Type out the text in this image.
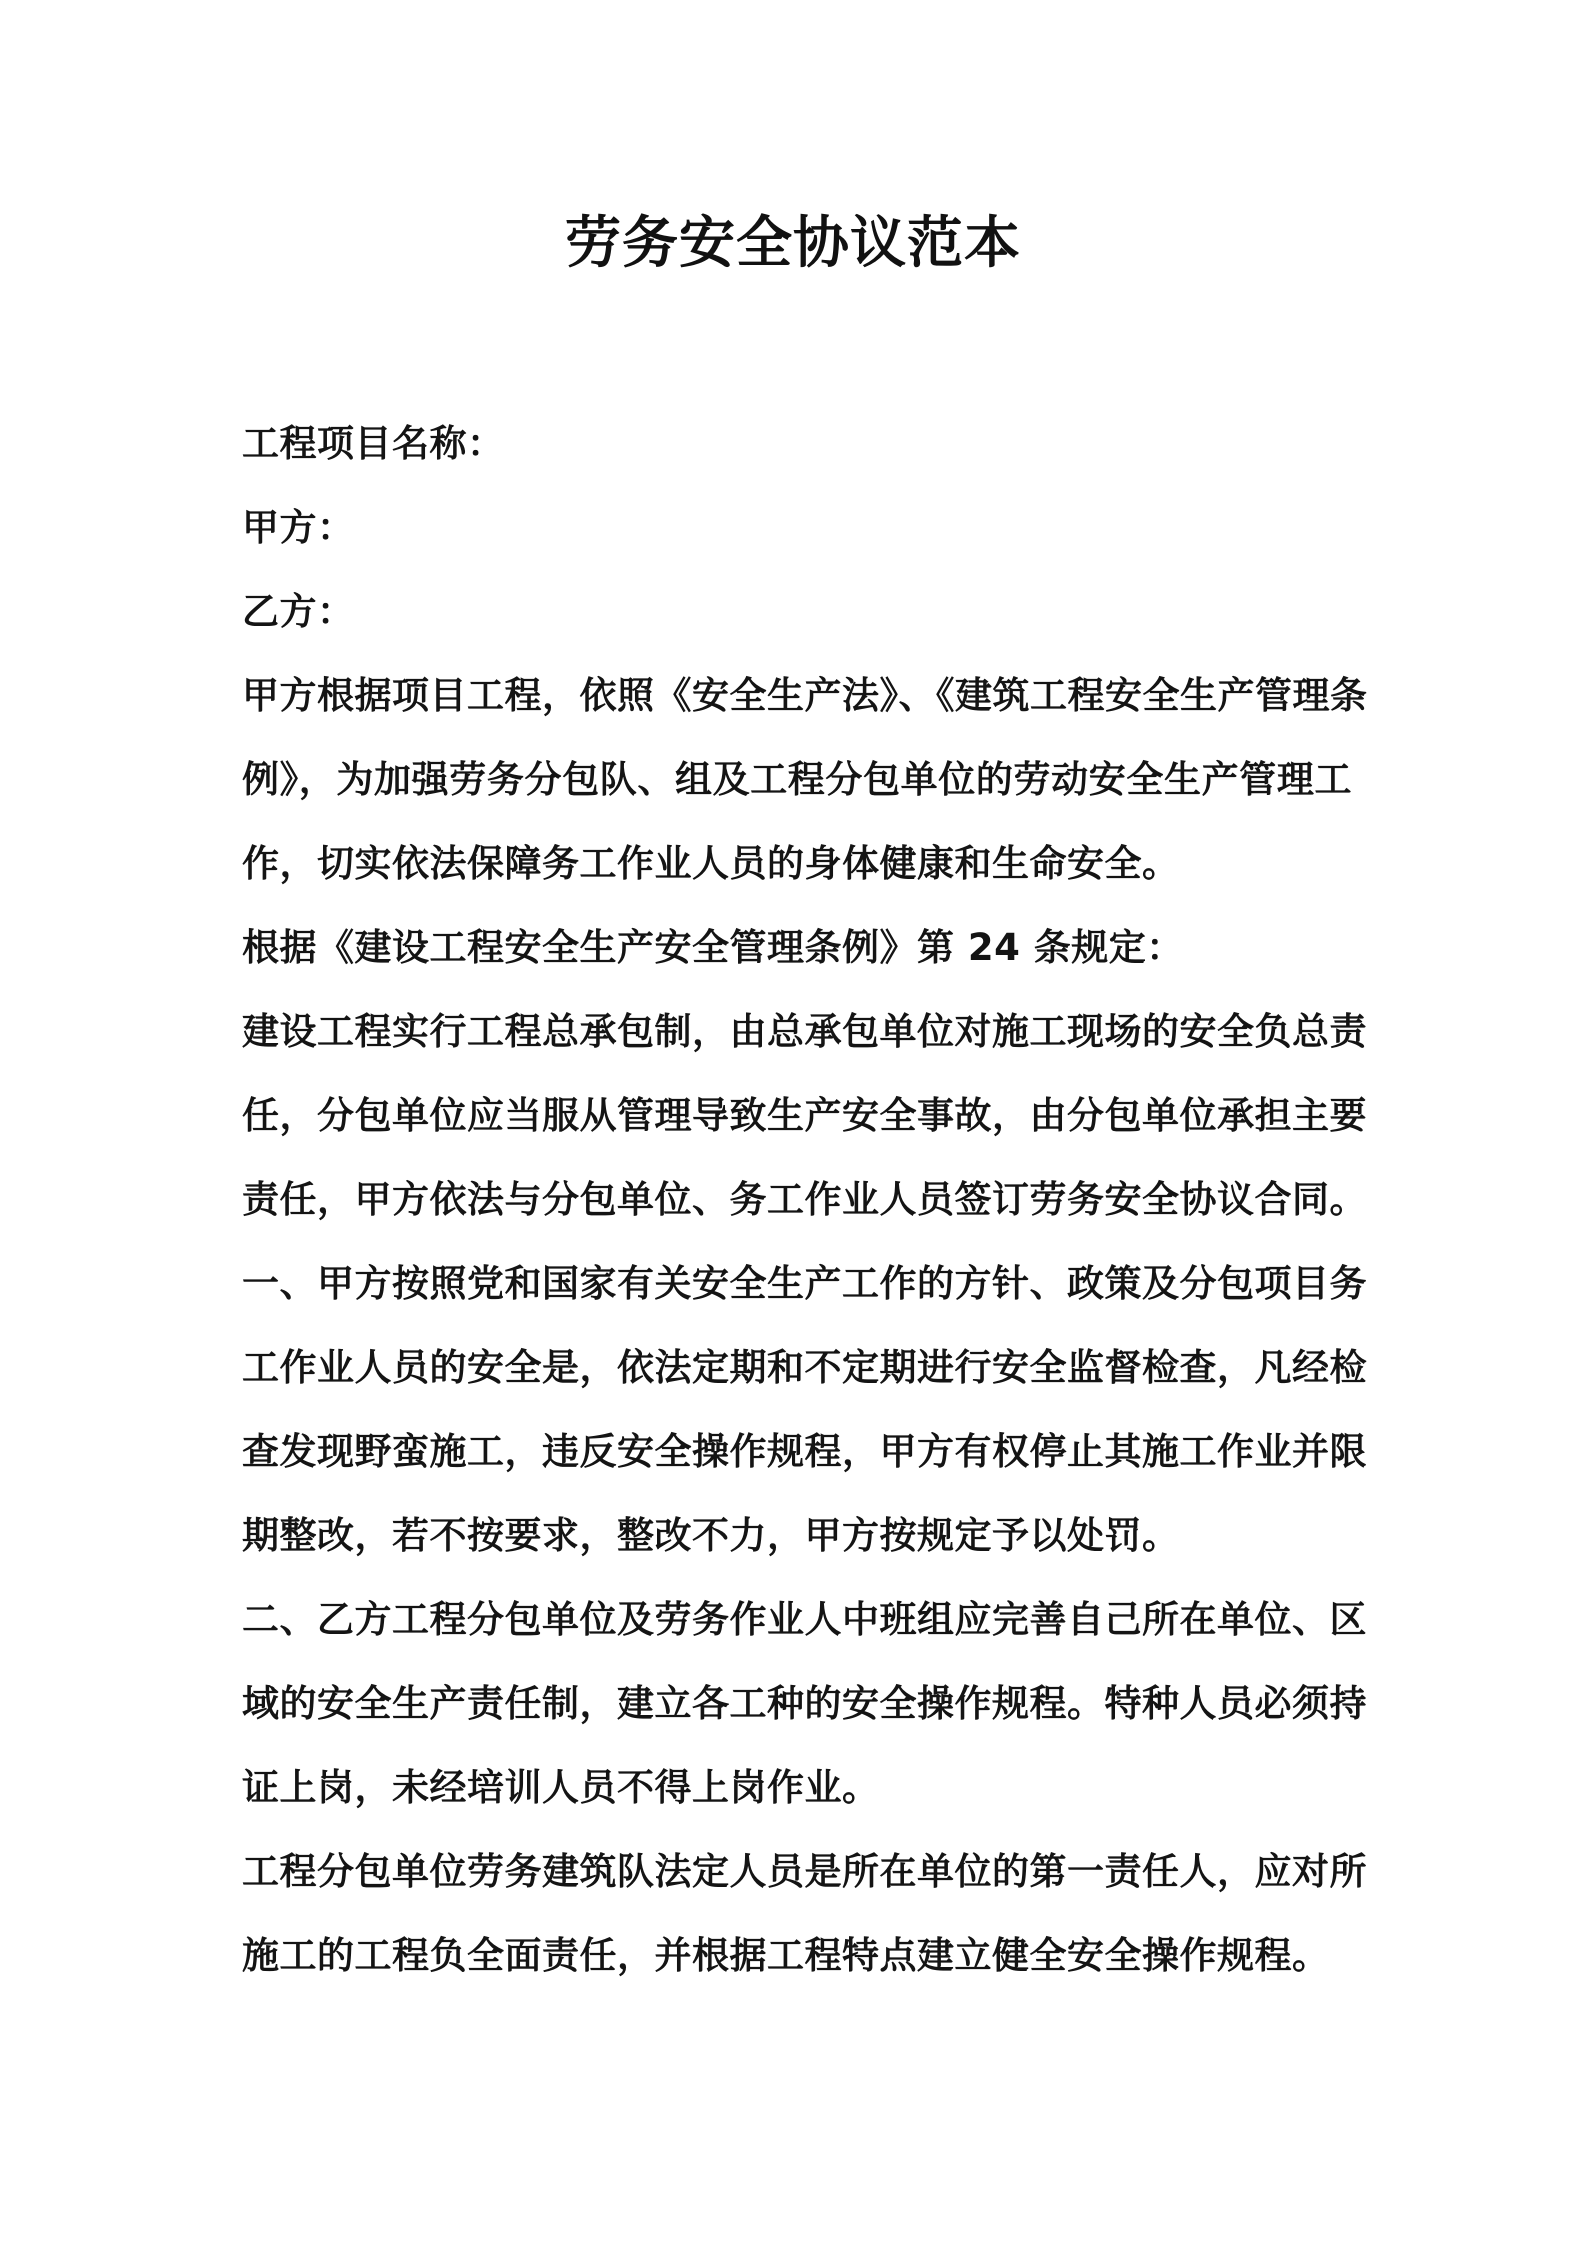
劳务安全协议范本
工程项目名称：
甲方：
乙方：
甲方根据项目工程，依照《安全生产法》、《建筑工程安全生产管理条
例》，为加强劳务分包队、组及工程分包单位的劳动安全生产管理工
作，切实依法保障务工作业人员的身体健康和生命安全。
根据《建设工程安全生产安全管理条例》第 24 条规定：
建设工程实行工程总承包制，由总承包单位对施工现场的安全负总责
任，分包单位应当服从管理导致生产安全事故，由分包单位承担主要
责任，甲方依法与分包单位、务工作业人员签订劳务安全协议合同。
一、甲方按照党和国家有关安全生产工作的方针、政策及分包项目务
工作业人员的安全是，依法定期和不定期进行安全监督检查，凡经检
查发现野蛮施工，违反安全操作规程，甲方有权停止其施工作业并限
期整改，若不按要求，整改不力，甲方按规定予以处罚。
二、乙方工程分包单位及劳务作业人中班组应完善自己所在单位、区
域的安全生产责任制，建立各工种的安全操作规程。特种人员必须持
证上岗，未经培训人员不得上岗作业。
工程分包单位劳务建筑队法定人员是所在单位的第一责任人，应对所
施工的工程负全面责任，并根据工程特点建立健全安全操作规程。
